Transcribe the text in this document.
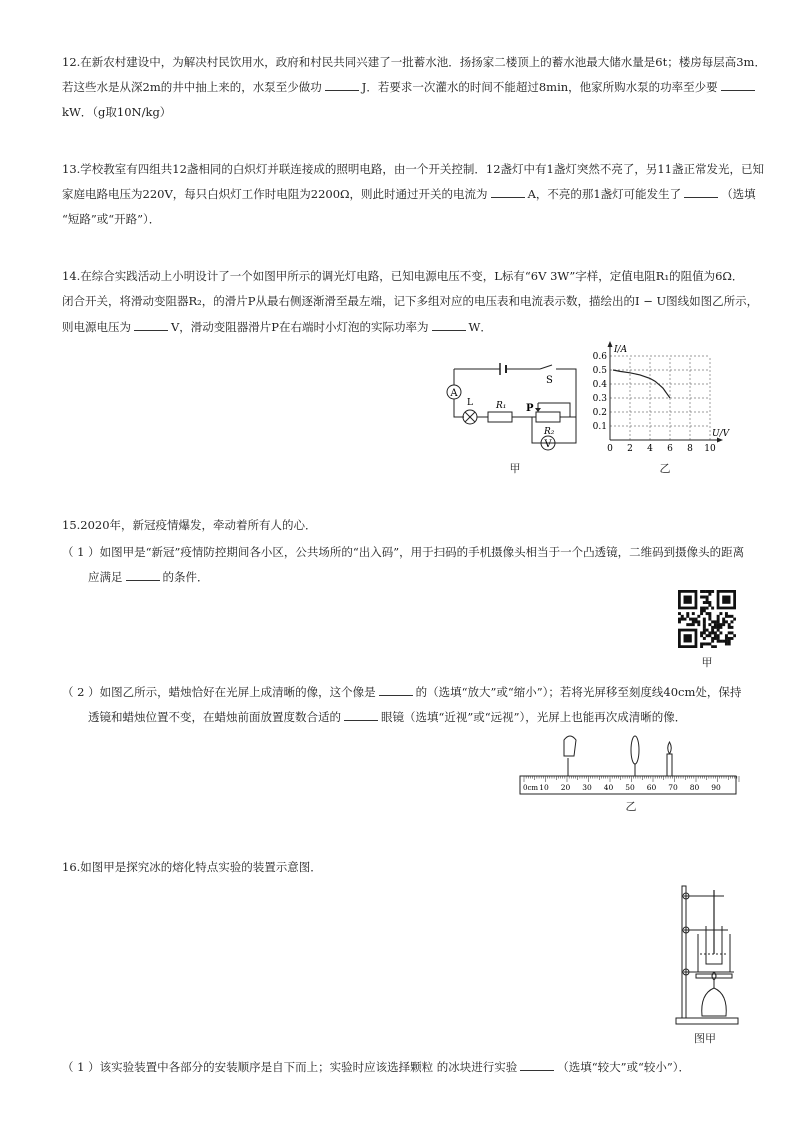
12.在新农村建设中，为解决村民饮用水，政府和村民共同兴建了一批蓄水池．扬扬家二楼顶上的蓄水池最大储水量是6t；楼房每层高3m．
若这些水是从深2m的井中抽上来的，水泵至少做功	J．若要求一次灌水的时间不能超过8min，他家所购水泵的功率至少要
kW．（g取10N/kg）
13.学校教室有四组共12盏相同的白炽灯并联连接成的照明电路，由一个开关控制．12盏灯中有1盏灯突然不亮了，另11盏正常发光，已知
家庭电路电压为220V，每只白炽灯工作时电阻为2200Ω，则此时通过开关的电流为	A，不亮的那1盏灯可能发生了	（选填
“短路”或“开路”）．
14.在综合实践活动上小明设计了一个如图甲所示的调光灯电路，已知电源电压不变，L标有“6V 3W”字样，定值电阻R₁的阻值为6Ω．
闭合开关，将滑动变阻器R₂，的滑片P从最右侧逐渐滑至最左端，记下多组对应的电压表和电流表示数，描绘出的I − U图线如图乙所示，
则电源电压为	V，滑动变阻器滑片P在右端时小灯泡的实际功率为	W．
A
L	R₁ P
R₂
V
S
甲
0 2 4 6 8 10
0.1
0.2
0.3
0.4
0.5
0.6
U/V
I/A
乙
15.2020年，新冠疫情爆发，牵动着所有人的心．
（ 1 ）如图甲是“新冠”疫情防控期间各小区，公共场所的“出入码”，用于扫码的手机摄像头相当于一个凸透镜，二维码到摄像头的距离
应满足	的条件．
甲
（ 2 ）如图乙所示，蜡烛恰好在光屏上成清晰的像，这个像是	的（选填“放大”或“缩小”）；若将光屏移至刻度线40cm处，保持
透镜和蜡烛位置不变，在蜡烛前面放置度数合适的	眼镜（选填“近视”或“远视”），光屏上也能再次成清晰的像．
0cm 10 20 30 40 50 60 70 80 90
乙
16.如图甲是探究冰的熔化特点实验的装置示意图．
图甲
（ 1 ）该实验装置中各部分的安装顺序是自下而上；实验时应该选择颗粒 的冰块进行实验	（选填“较大”或“较小”）．
